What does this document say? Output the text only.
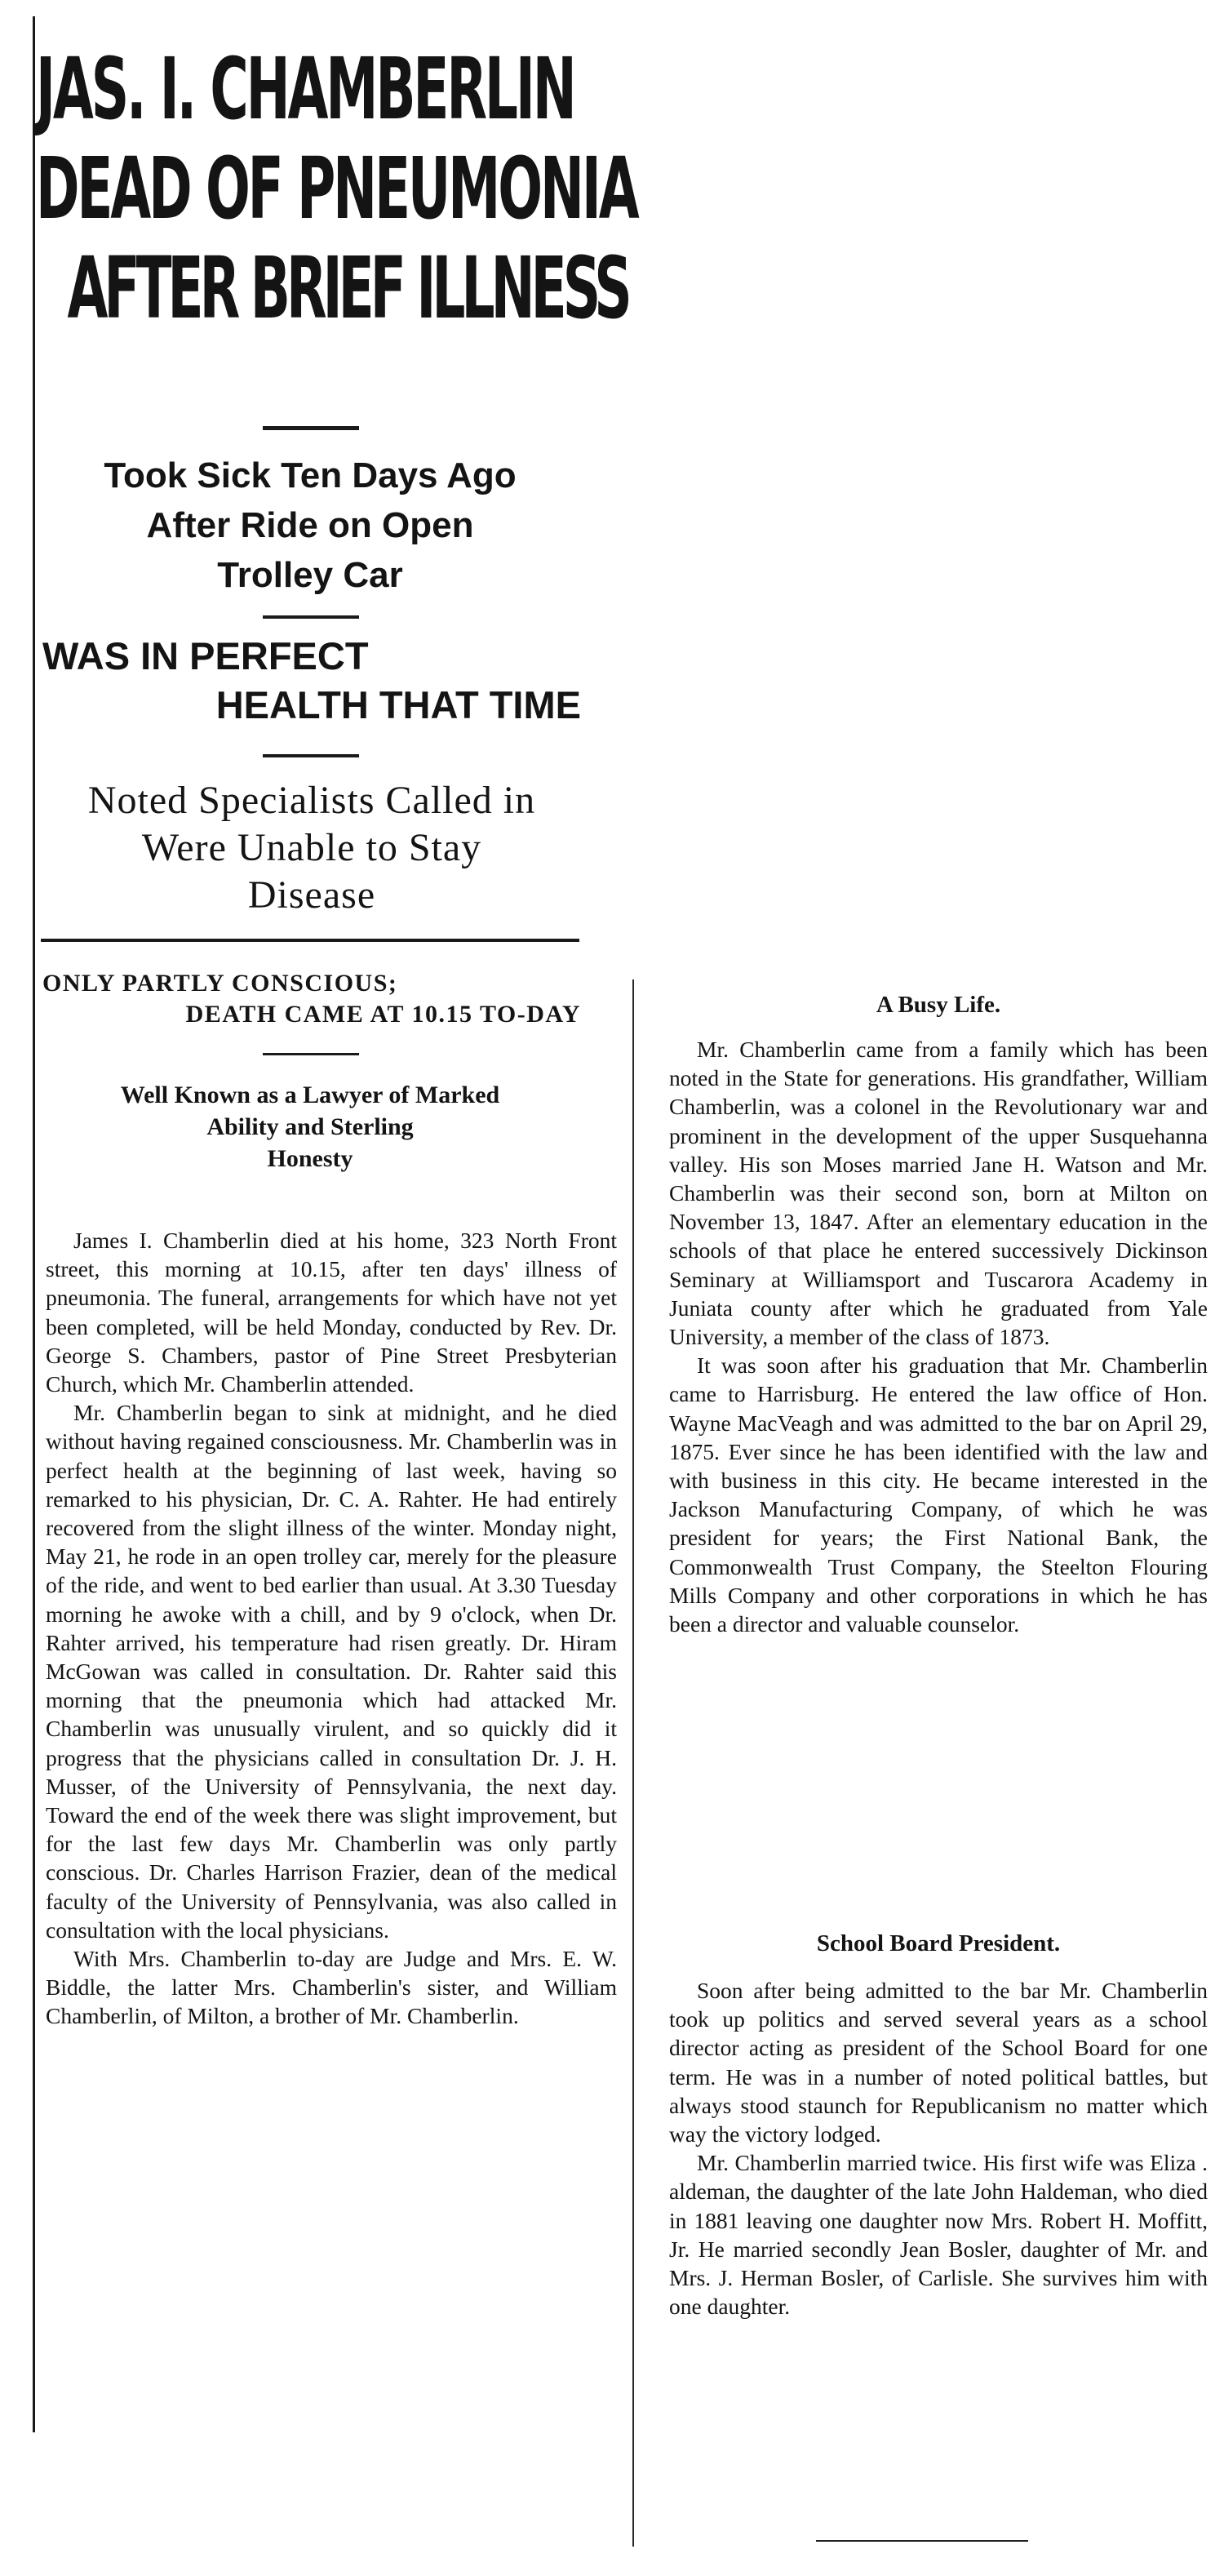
JAS. I. CHAMBERLIN
DEAD OF PNEUMONIA
AFTER BRIEF ILLNESS
Took Sick Ten Days Ago
After Ride on Open
Trolley Car
WAS IN PERFECT
HEALTH THAT TIME
Noted Specialists Called in
Were Unable to Stay
Disease
ONLY PARTLY CONSCIOUS;
DEATH CAME AT 10.15 TO-DAY
Well Known as a Lawyer of Marked
Ability and Sterling
Honesty

James I. Chamberlin died at his home, 323 North Front street, this morning at 10.15, after ten days' illness of pneumonia. The funeral, arrangements for which have not yet been completed, will be held Monday, conducted by Rev. Dr. George S. Chambers, pastor of Pine Street Presbyterian Church, which Mr. Chamberlin attended.

Mr. Chamberlin began to sink at midnight, and he died without having regained consciousness. Mr. Chamberlin was in perfect health at the beginning of last week, having so remarked to his physician, Dr. C. A. Rahter. He had entirely recovered from the slight illness of the winter. Monday night, May 21, he rode in an open trolley car, merely for the pleasure of the ride, and went to bed earlier than usual. At 3.30 Tuesday morning he awoke with a chill, and by 9 o'clock, when Dr. Rahter arrived, his temperature had risen greatly. Dr. Hiram McGowan was called in consultation. Dr. Rahter said this morning that the pneumonia which had attacked Mr. Chamberlin was unusually virulent, and so quickly did it progress that the physicians called in consultation Dr. J. H. Musser, of the University of Pennsylvania, the next day. Toward the end of the week there was slight improvement, but for the last few days Mr. Chamberlin was only partly conscious. Dr. Charles Harrison Frazier, dean of the medical faculty of the University of Pennsylvania, was also called in consultation with the local physicians.

With Mrs. Chamberlin to-day are Judge and Mrs. E. W. Biddle, the latter Mrs. Chamberlin's sister, and William Chamberlin, of Milton, a brother of Mr. Chamberlin.

A Busy Life.

Mr. Chamberlin came from a family which has been noted in the State for generations. His grandfather, William Chamberlin, was a colonel in the Revolutionary war and prominent in the development of the upper Susquehanna valley. His son Moses married Jane H. Watson and Mr. Chamberlin was their second son, born at Milton on November 13, 1847. After an elementary education in the schools of that place he entered successively Dickinson Seminary at Williamsport and Tuscarora Academy in Juniata county after which he graduated from Yale University, a member of the class of 1873.

It was soon after his graduation that Mr. Chamberlin came to Harrisburg. He entered the law office of Hon. Wayne MacVeagh and was admitted to the bar on April 29, 1875. Ever since he has been identified with the law and with business in this city. He became interested in the Jackson Manufacturing Company, of which he was president for years; the First National Bank, the Commonwealth Trust Company, the Steelton Flouring Mills Company and other corporations in which he has been a director and valuable counselor.

School Board President.

Soon after being admitted to the bar Mr. Chamberlin took up politics and served several years as a school director acting as president of the School Board for one term. He was in a number of noted political battles, but always stood staunch for Republicanism no matter which way the victory lodged.

Mr. Chamberlin married twice. His first wife was Eliza . aldeman, the daughter of the late John Haldeman, who died in 1881 leaving one daughter now Mrs. Robert H. Moffitt, Jr. He married secondly Jean Bosler, daughter of Mr. and Mrs. J. Herman Bosler, of Carlisle. She survives him with one daughter.
